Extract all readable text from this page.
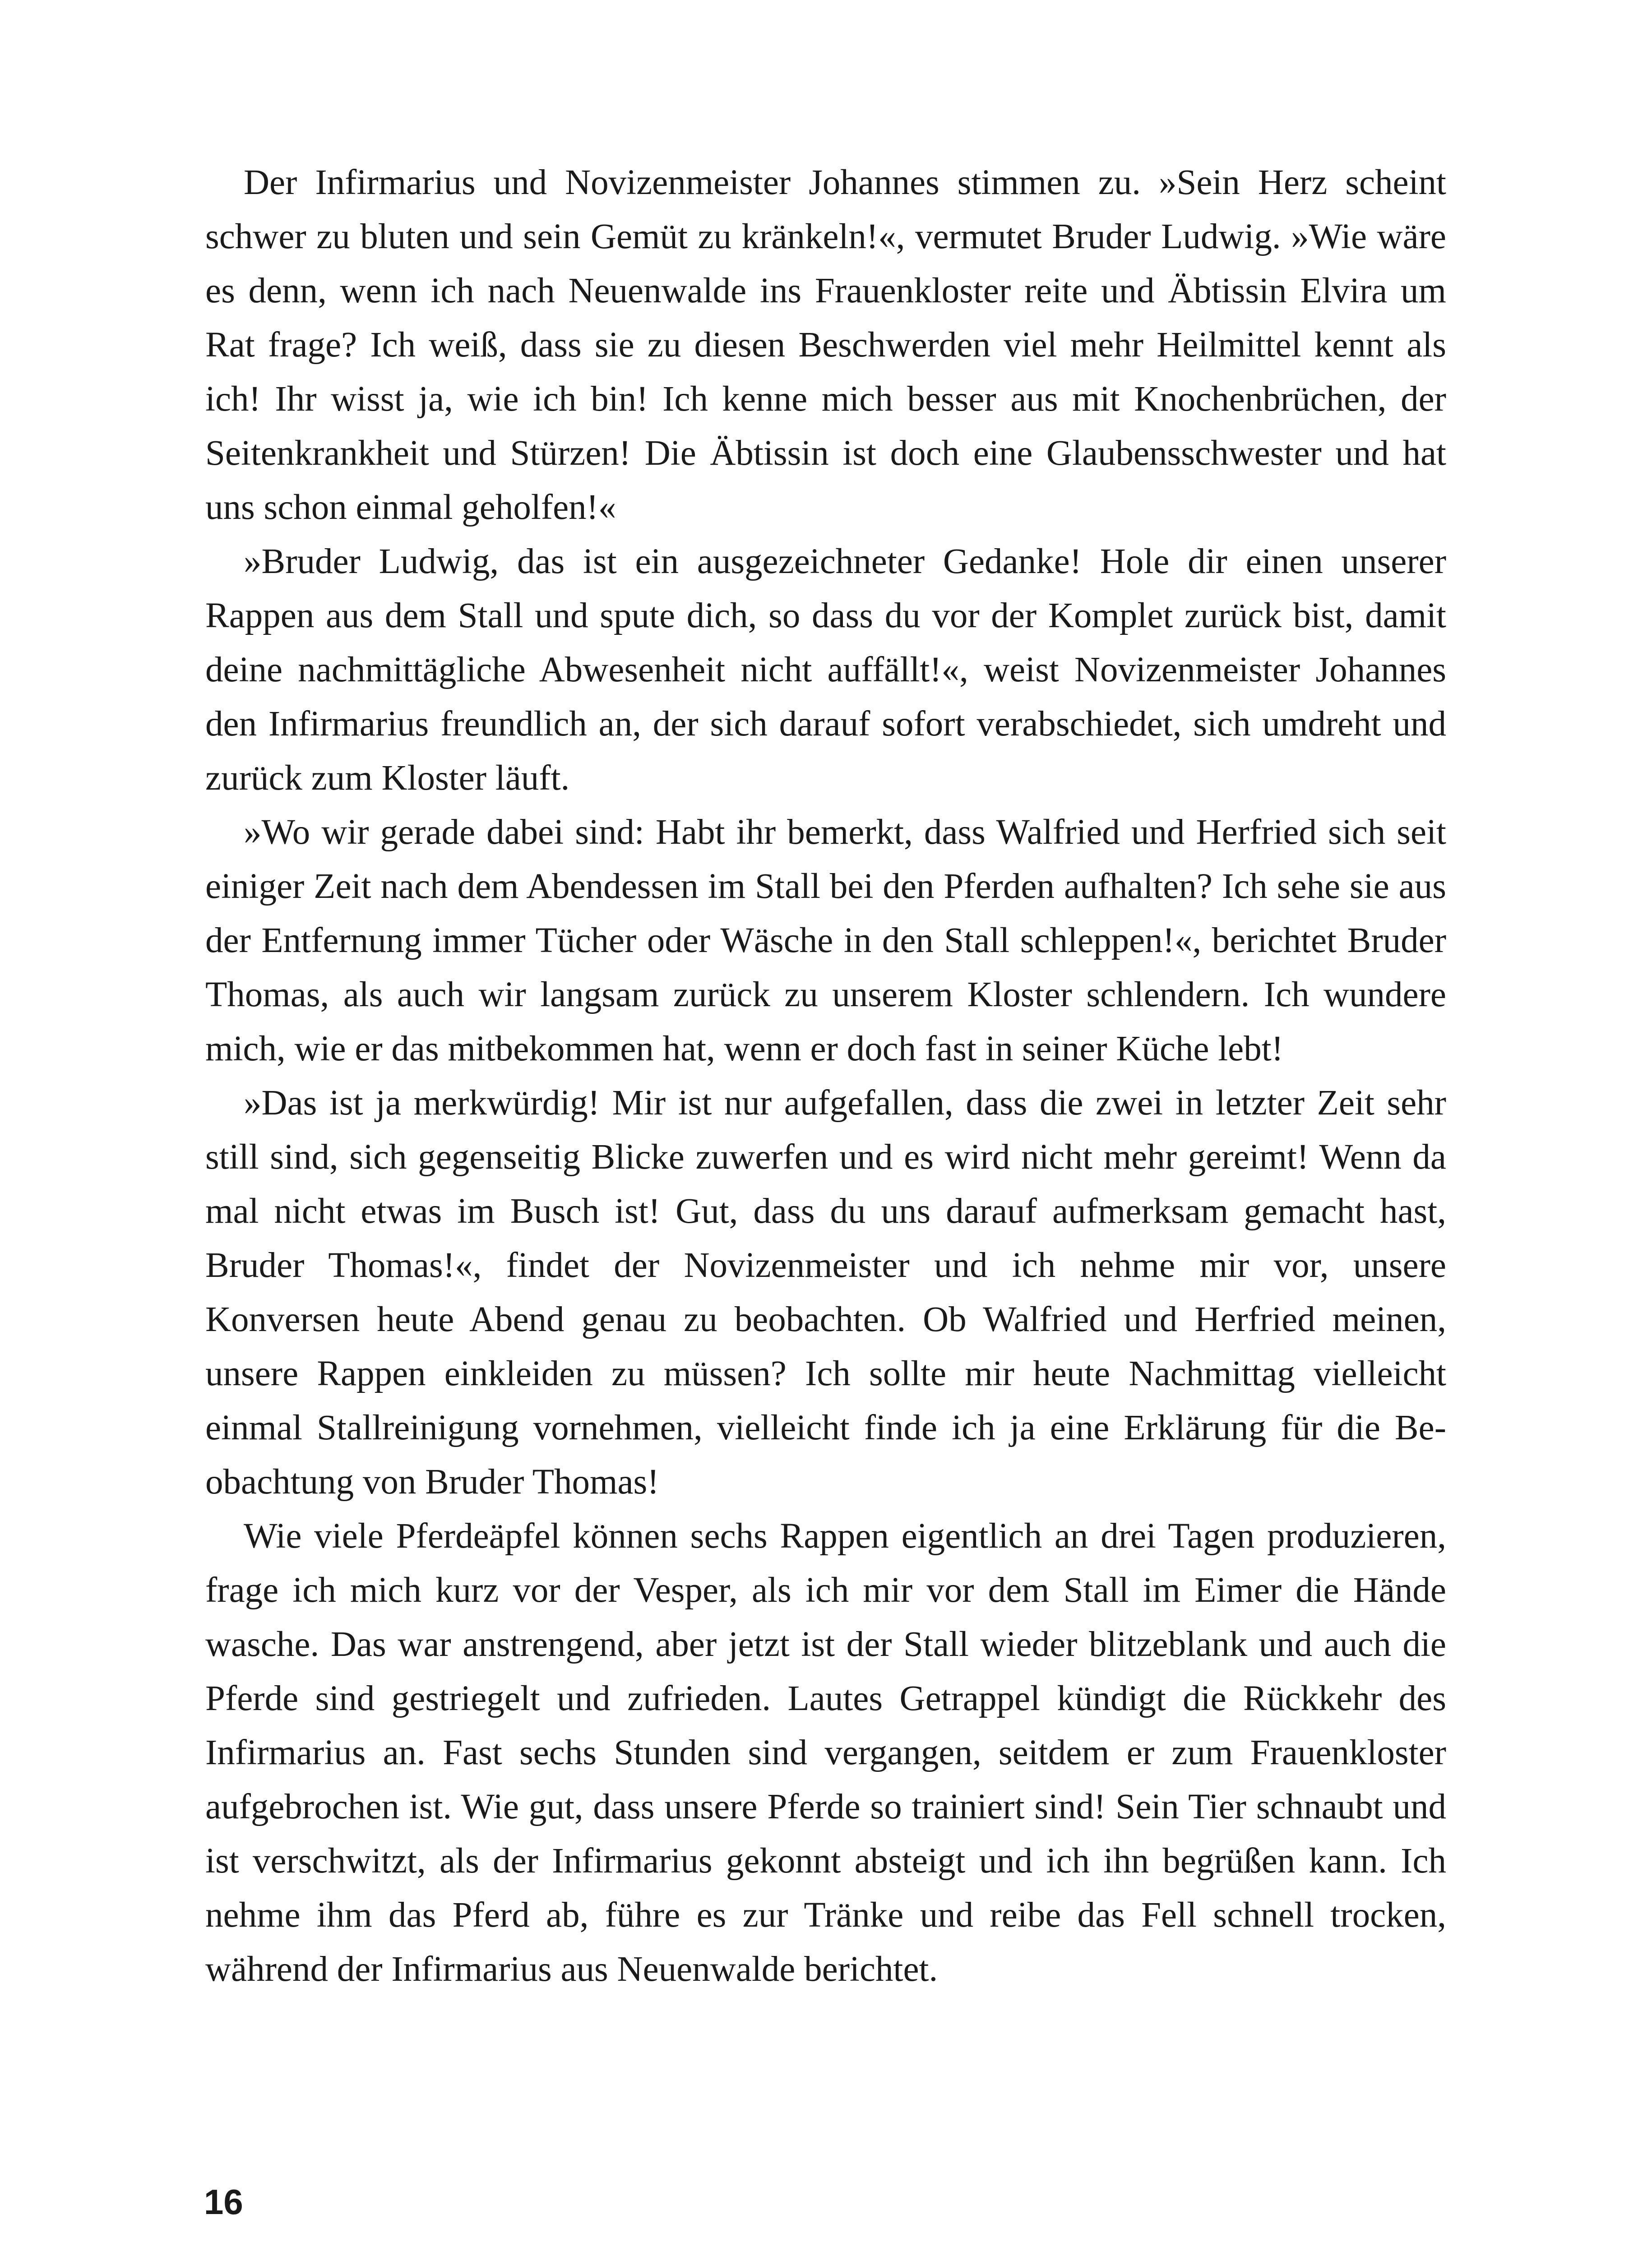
Der Infirmarius und Novizenmeister Johannes stimmen zu. »Sein Herz scheint schwer zu bluten und sein Gemüt zu kränkeln!«, vermutet Bruder Ludwig. »Wie wäre es denn, wenn ich nach Neuenwalde ins Frauenkloster reite und Äbtissin Elvira um Rat frage? Ich weiß, dass sie zu diesen Beschwerden viel mehr Heilmittel kennt als ich! Ihr wisst ja, wie ich bin! Ich kenne mich besser aus mit Knochenbrüchen, der Seitenkrankheit und Stürzen! Die Äbtissin ist doch eine Glaubensschwester und hat uns schon einmal geholfen!«

»Bruder Ludwig, das ist ein ausgezeichneter Gedanke! Hole dir einen unserer Rappen aus dem Stall und spute dich, so dass du vor der Komplet zurück bist, damit deine nachmittägliche Abwesenheit nicht auffällt!«, weist Novizenmeister Johannes den Infirmarius freundlich an, der sich darauf sofort verabschiedet, sich umdreht und zurück zum Kloster läuft.

»Wo wir gerade dabei sind: Habt ihr bemerkt, dass Walfried und Herfried sich seit einiger Zeit nach dem Abendessen im Stall bei den Pferden aufhalten? Ich sehe sie aus der Entfernung immer Tücher oder Wäsche in den Stall schleppen!«, berichtet Bruder Thomas, als auch wir langsam zurück zu unserem Kloster schlendern. Ich wundere mich, wie er das mitbekommen hat, wenn er doch fast in seiner Küche lebt!

»Das ist ja merkwürdig! Mir ist nur aufgefallen, dass die zwei in letzter Zeit sehr still sind, sich gegenseitig Blicke zuwerfen und es wird nicht mehr gereimt! Wenn da mal nicht etwas im Busch ist! Gut, dass du uns darauf aufmerksam gemacht hast, Bruder Thomas!«, findet der Novizenmeister und ich nehme mir vor, unsere Konversen heute Abend genau zu beobachten. Ob Walfried und Herfried meinen, unsere Rappen einkleiden zu müssen? Ich sollte mir heute Nachmittag vielleicht einmal Stallreinigung vornehmen, vielleicht finde ich ja eine Erklärung für die Beobachtung von Bruder Thomas!

Wie viele Pferdeäpfel können sechs Rappen eigentlich an drei Tagen produzieren, frage ich mich kurz vor der Vesper, als ich mir vor dem Stall im Eimer die Hände wasche. Das war anstrengend, aber jetzt ist der Stall wieder blitzeblank und auch die Pferde sind gestriegelt und zufrieden. Lautes Getrappel kündigt die Rückkehr des Infirmarius an. Fast sechs Stunden sind vergangen, seitdem er zum Frauenkloster aufgebrochen ist. Wie gut, dass unsere Pferde so trainiert sind! Sein Tier schnaubt und ist verschwitzt, als der Infirmarius gekonnt absteigt und ich ihn begrüßen kann. Ich nehme ihm das Pferd ab, führe es zur Tränke und reibe das Fell schnell trocken, während der Infirmarius aus Neuenwalde berichtet.

16
